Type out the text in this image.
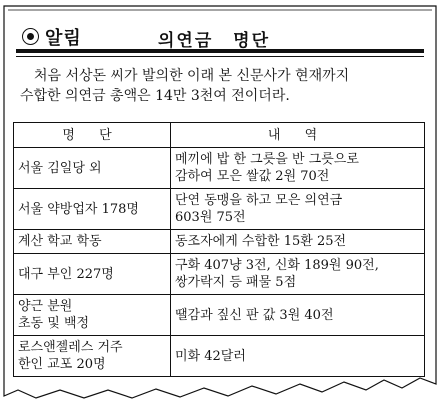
알림	의연금 명단

처음 서상돈 씨가 발의한 이래 본 신문사가 현재까지
수합한 의연금 총액은 14만 3천여 전이더라.

명 단	내 역

서울 김일당 외	메끼에 밥 한 그릇을 반 그릇으로
감하여 모은 쌀값 2원 70전

서울 약방업자 178명	단연 동맹을 하고 모은 의연금
603원 75전

계산 학교 학동	동조자에게 수합한 15환 25전

대구 부인 227명	구화 407냥 3전, 신화 189원 90전,
쌍가락지 등 패물 5점

양근 분원
초동 및 백정	땔감과 짚신 판 값 3원 40전

로스앤젤레스 거주
한인 교포 20명	미화 42달러
